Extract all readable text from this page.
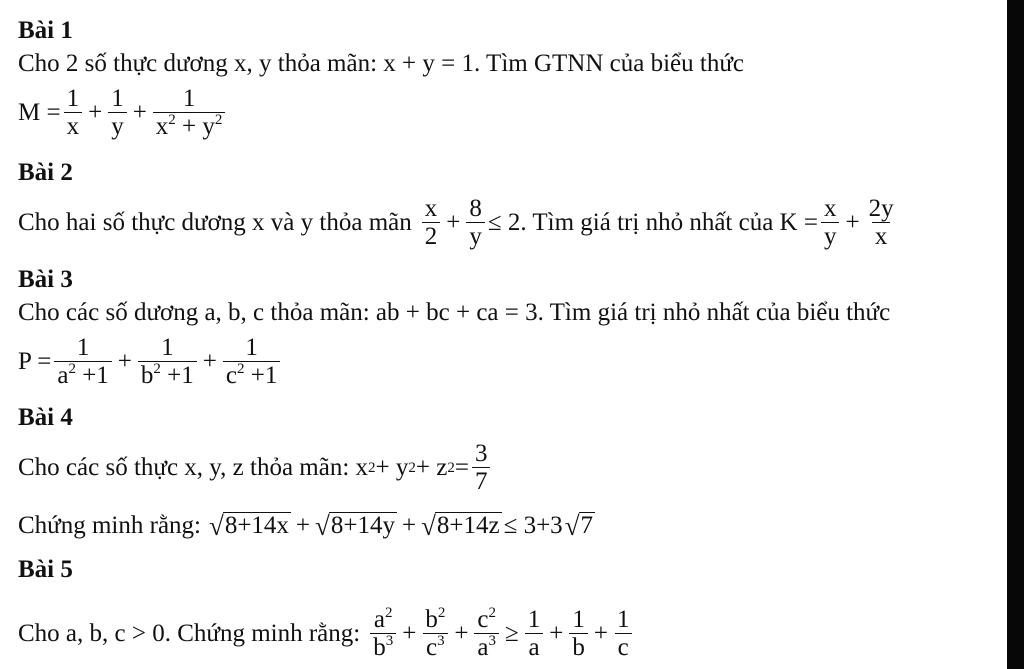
Bài 1
Cho 2 số thực dương x, y thỏa mãn: x + y = 1. Tìm GTNN của biểu thức
$M = \frac{1}{x} + \frac{1}{y} + \frac{1}{x^2 + y^2}$
Bài 2
Cho hai số thực dương x và y thỏa mãn $\frac{x}{2} + \frac{8}{y} \le 2$ . Tìm giá trị nhỏ nhất của $K = \frac{x}{y} + \frac{2y}{x}$
Bài 3
Cho các số dương a, b, c thỏa mãn: ab + bc + ca = 3. Tìm giá trị nhỏ nhất của biểu thức
$P = \frac{1}{a^2 +1} + \frac{1}{b^2 +1} + \frac{1}{c^2 +1}$
Bài 4
Cho các số thực x, y, z thỏa mãn: x 2 + y 2 + z $2 = \frac{3}{7}$
Chứng minh rằng: √ 8+14x + √ 8+14y + √ 8+14z ≤ 3+3 √ 7
Bài 5
Cho a, b, c > 0. Chứng minh rằng: $\frac{a^2}{b^3} + \frac{b^2}{c^3} + \frac{c^2}{a^3} \ge \frac{1}{a} + \frac{1}{b} + \frac{1}{c}$
